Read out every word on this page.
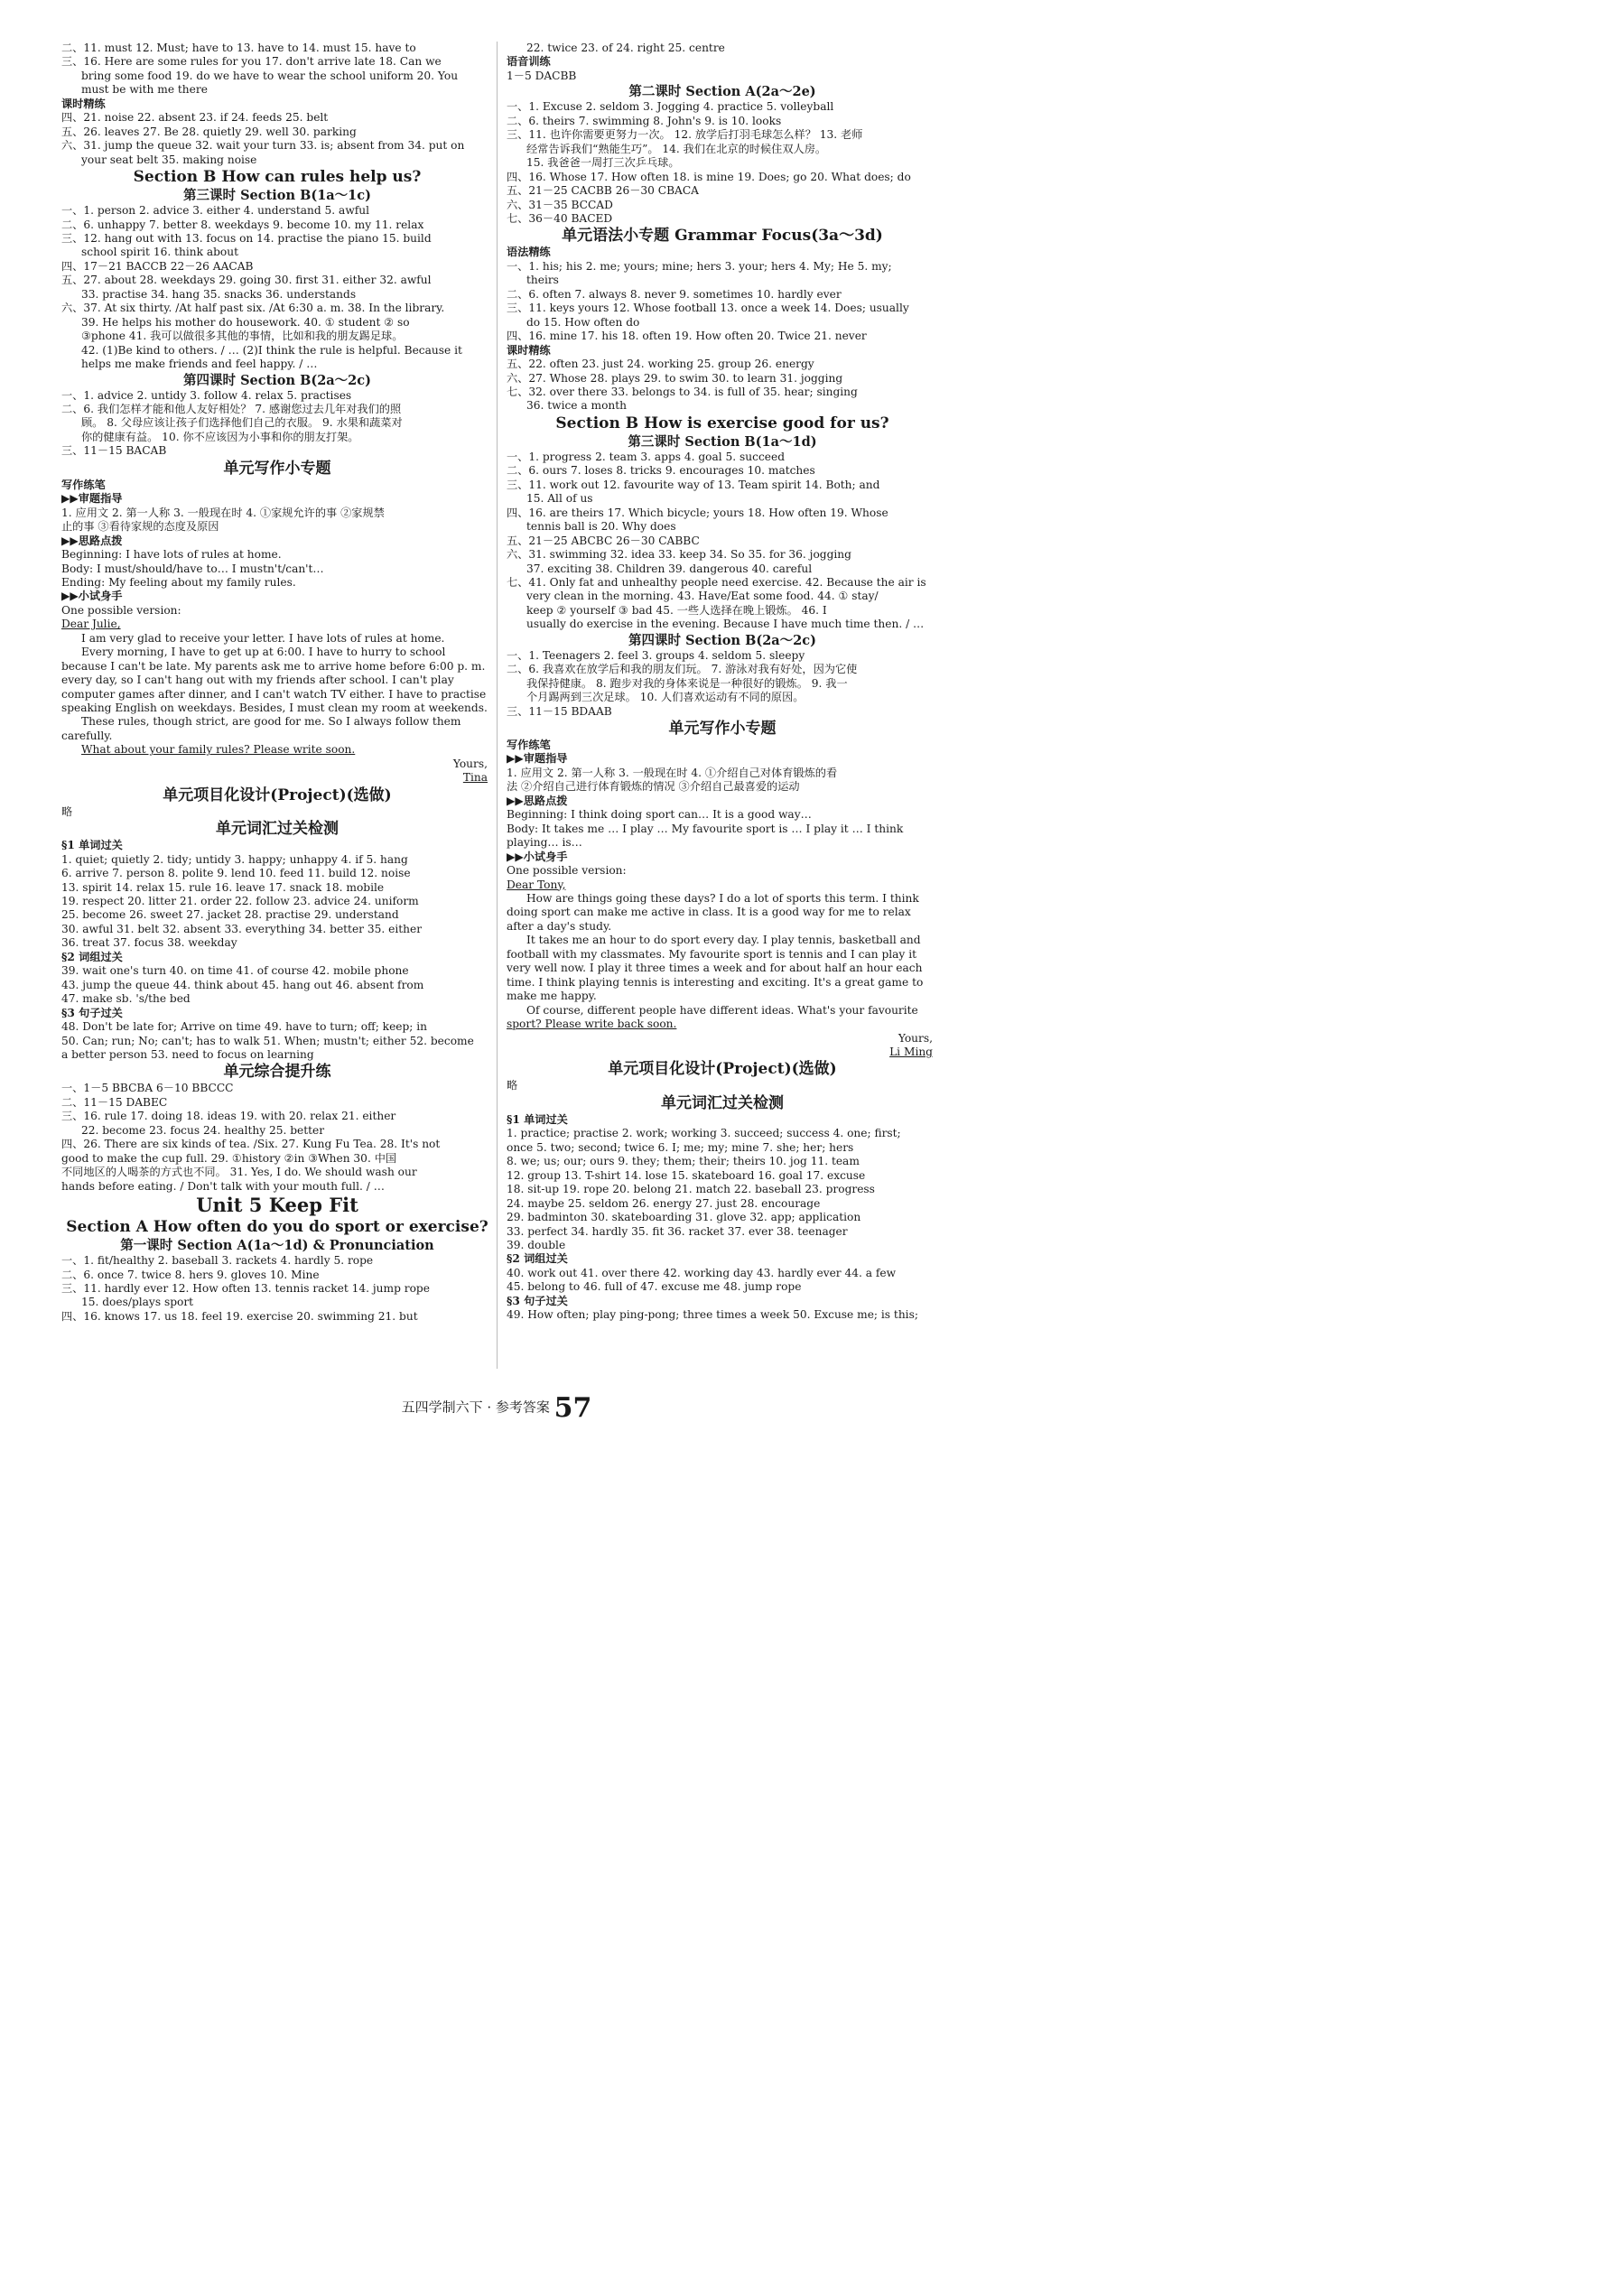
二、11. must 12. Must; have to 13. have to 14. must 15. have to
三、16. Here are some rules for you 17. don't arrive late 18. Can we
bring some food 19. do we have to wear the school uniform 20. You
must be with me there
课时精练
四、21. noise 22. absent 23. if 24. feeds 25. belt
五、26. leaves 27. Be 28. quietly 29. well 30. parking
六、31. jump the queue 32. wait your turn 33. is; absent from 34. put on
your seat belt 35. making noise
Section B How can rules help us?
第三课时 Section B(1a～1c)
一、1. person 2. advice 3. either 4. understand 5. awful
二、6. unhappy 7. better 8. weekdays 9. become 10. my 11. relax
三、12. hang out with 13. focus on 14. practise the piano 15. build
school spirit 16. think about
四、17－21 BACCB 22－26 AACAB
五、27. about 28. weekdays 29. going 30. first 31. either 32. awful
33. practise 34. hang 35. snacks 36. understands
六、37. At six thirty. /At half past six. /At 6:30 a. m. 38. In the library.
39. He helps his mother do housework. 40. ① student ② so
③phone 41. 我可以做很多其他的事情，比如和我的朋友踢足球。
42. (1)Be kind to others. / … (2)I think the rule is helpful. Because it
helps me make friends and feel happy. / …
第四课时 Section B(2a～2c)
一、1. advice 2. untidy 3. follow 4. relax 5. practises
二、6. 我们怎样才能和他人友好相处？ 7. 感谢您过去几年对我们的照
顾。 8. 父母应该让孩子们选择他们自己的衣服。 9. 水果和蔬菜对
你的健康有益。 10. 你不应该因为小事和你的朋友打架。
三、11－15 BACAB
单元写作小专题
写作练笔
▶▶审题指导
1. 应用文 2. 第一人称 3. 一般现在时 4. ①家规允许的事 ②家规禁
止的事 ③看待家规的态度及原因
▶▶思路点拨
Beginning: I have lots of rules at home.
Body: I must/should/have to… I mustn't/can't…
Ending: My feeling about my family rules.
▶▶小试身手
One possible version:
Dear Julie,
I am very glad to receive your letter. I have lots of rules at home.
Every morning, I have to get up at 6:00. I have to hurry to school
because I can't be late. My parents ask me to arrive home before 6:00 p. m.
every day, so I can't hang out with my friends after school. I can't play
computer games after dinner, and I can't watch TV either. I have to practise
speaking English on weekdays. Besides, I must clean my room at weekends.
These rules, though strict, are good for me. So I always follow them
carefully.
What about your family rules? Please write soon.
Yours,
Tina
单元项目化设计(Project)(选做)
略
单元词汇过关检测
§1 单词过关
1. quiet; quietly 2. tidy; untidy 3. happy; unhappy 4. if 5. hang
6. arrive 7. person 8. polite 9. lend 10. feed 11. build 12. noise
13. spirit 14. relax 15. rule 16. leave 17. snack 18. mobile
19. respect 20. litter 21. order 22. follow 23. advice 24. uniform
25. become 26. sweet 27. jacket 28. practise 29. understand
30. awful 31. belt 32. absent 33. everything 34. better 35. either
36. treat 37. focus 38. weekday
§2 词组过关
39. wait one's turn 40. on time 41. of course 42. mobile phone
43. jump the queue 44. think about 45. hang out 46. absent from
47. make sb. 's/the bed
§3 句子过关
48. Don't be late for; Arrive on time 49. have to turn; off; keep; in
50. Can; run; No; can't; has to walk 51. When; mustn't; either 52. become
a better person 53. need to focus on learning
单元综合提升练
一、1－5 BBCBA 6－10 BBCCC
二、11－15 DABEC
三、16. rule 17. doing 18. ideas 19. with 20. relax 21. either
22. become 23. focus 24. healthy 25. better
四、26. There are six kinds of tea. /Six. 27. Kung Fu Tea. 28. It's not
good to make the cup full. 29. ①history ②in ③When 30. 中国
不同地区的人喝茶的方式也不同。 31. Yes, I do. We should wash our
hands before eating. / Don't talk with your mouth full. / …
Unit 5 Keep Fit
Section A How often do you do sport or exercise?
第一课时 Section A(1a～1d) & Pronunciation
一、1. fit/healthy 2. baseball 3. rackets 4. hardly 5. rope
二、6. once 7. twice 8. hers 9. gloves 10. Mine
三、11. hardly ever 12. How often 13. tennis racket 14. jump rope
15. does/plays sport
四、16. knows 17. us 18. feel 19. exercise 20. swimming 21. but
22. twice 23. of 24. right 25. centre
语音训练
1－5 DACBB
第二课时 Section A(2a～2e)
一、1. Excuse 2. seldom 3. Jogging 4. practice 5. volleyball
二、6. theirs 7. swimming 8. John's 9. is 10. looks
三、11. 也许你需要更努力一次。 12. 放学后打羽毛球怎么样？ 13. 老师
经常告诉我们“熟能生巧”。 14. 我们在北京的时候住双人房。
15. 我爸爸一周打三次乒乓球。
四、16. Whose 17. How often 18. is mine 19. Does; go 20. What does; do
五、21－25 CACBB 26－30 CBACA
六、31－35 BCCAD
七、36－40 BACED
单元语法小专题 Grammar Focus(3a～3d)
语法精练
一、1. his; his 2. me; yours; mine; hers 3. your; hers 4. My; He 5. my;
theirs
二、6. often 7. always 8. never 9. sometimes 10. hardly ever
三、11. keys yours 12. Whose football 13. once a week 14. Does; usually
do 15. How often do
四、16. mine 17. his 18. often 19. How often 20. Twice 21. never
课时精练
五、22. often 23. just 24. working 25. group 26. energy
六、27. Whose 28. plays 29. to swim 30. to learn 31. jogging
七、32. over there 33. belongs to 34. is full of 35. hear; singing
36. twice a month
Section B How is exercise good for us?
第三课时 Section B(1a～1d)
一、1. progress 2. team 3. apps 4. goal 5. succeed
二、6. ours 7. loses 8. tricks 9. encourages 10. matches
三、11. work out 12. favourite way of 13. Team spirit 14. Both; and
15. All of us
四、16. are theirs 17. Which bicycle; yours 18. How often 19. Whose
tennis ball is 20. Why does
五、21－25 ABCBC 26－30 CABBC
六、31. swimming 32. idea 33. keep 34. So 35. for 36. jogging
37. exciting 38. Children 39. dangerous 40. careful
七、41. Only fat and unhealthy people need exercise. 42. Because the air is
very clean in the morning. 43. Have/Eat some food. 44. ① stay/
keep ② yourself ③ bad 45. 一些人选择在晚上锻炼。 46. I
usually do exercise in the evening. Because I have much time then. / …
第四课时 Section B(2a～2c)
一、1. Teenagers 2. feel 3. groups 4. seldom 5. sleepy
二、6. 我喜欢在放学后和我的朋友们玩。 7. 游泳对我有好处，因为它使
我保持健康。 8. 跑步对我的身体来说是一种很好的锻炼。 9. 我一
个月踢两到三次足球。 10. 人们喜欢运动有不同的原因。
三、11－15 BDAAB
单元写作小专题
写作练笔
▶▶审题指导
1. 应用文 2. 第一人称 3. 一般现在时 4. ①介绍自己对体育锻炼的看
法 ②介绍自己进行体育锻炼的情况 ③介绍自己最喜爱的运动
▶▶思路点拨
Beginning: I think doing sport can… It is a good way…
Body: It takes me … I play … My favourite sport is … I play it … I think
playing… is…
▶▶小试身手
One possible version:
Dear Tony,
How are things going these days? I do a lot of sports this term. I think
doing sport can make me active in class. It is a good way for me to relax
after a day's study.
It takes me an hour to do sport every day. I play tennis, basketball and
football with my classmates. My favourite sport is tennis and I can play it
very well now. I play it three times a week and for about half an hour each
time. I think playing tennis is interesting and exciting. It's a great game to
make me happy.
Of course, different people have different ideas. What's your favourite
sport? Please write back soon.
Yours,
Li Ming
单元项目化设计(Project)(选做)
略
单元词汇过关检测
§1 单词过关
1. practice; practise 2. work; working 3. succeed; success 4. one; first;
once 5. two; second; twice 6. I; me; my; mine 7. she; her; hers
8. we; us; our; ours 9. they; them; their; theirs 10. jog 11. team
12. group 13. T-shirt 14. lose 15. skateboard 16. goal 17. excuse
18. sit-up 19. rope 20. belong 21. match 22. baseball 23. progress
24. maybe 25. seldom 26. energy 27. just 28. encourage
29. badminton 30. skateboarding 31. glove 32. app; application
33. perfect 34. hardly 35. fit 36. racket 37. ever 38. teenager
39. double
§2 词组过关
40. work out 41. over there 42. working day 43. hardly ever 44. a few
45. belong to 46. full of 47. excuse me 48. jump rope
§3 句子过关
49. How often; play ping-pong; three times a week 50. Excuse me; is this;
五四学制六下 · 参考答案 57
